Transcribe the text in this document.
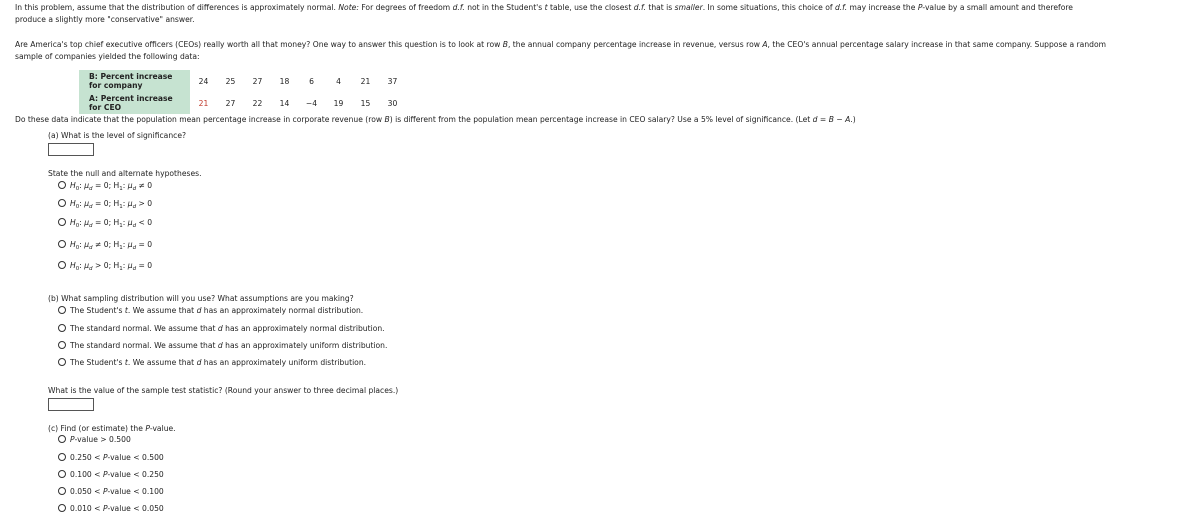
In this problem, assume that the distribution of differences is approximately normal. Note: For degrees of freedom d.f. not in the Student's t table, use the closest d.f. that is smaller. In some situations, this choice of d.f. may increase the P-value by a small amount and therefore
produce a slightly more "conservative" answer.
Are America's top chief executive officers (CEOs) really worth all that money? One way to answer this question is to look at row B, the annual company percentage increase in revenue, versus row A, the CEO's annual percentage salary increase in that same company. Suppose a random
sample of companies yielded the following data:
B: Percent increase
for company	24	25	27	18	6	4	21	37

A: Percent increase
for CEO	21	27	22	14	−4	19	15	30
Do these data indicate that the population mean percentage increase in corporate revenue (row B) is different from the population mean percentage increase in CEO salary? Use a 5% level of significance. (Let d = B − A.)
(a) What is the level of significance?
State the null and alternate hypotheses.
$H_0$: $\mu_d = 0$; $H_1$: $\mu_d \ne 0$
$H_0$: $\mu_d = 0$; $H_1$: $\mu_d > 0$
$H_0$: $\mu_d = 0$; $H_1$: $\mu_d < 0$
$H_0$: $\mu_d \ne 0$; $H_1$: $\mu_d = 0$
$H_0$: $\mu_d > 0$; $H_1$: $\mu_d = 0$
(b) What sampling distribution will you use? What assumptions are you making?
The Student's t. We assume that d has an approximately normal distribution.
The standard normal. We assume that d has an approximately normal distribution.
The standard normal. We assume that d has an approximately uniform distribution.
The Student's t. We assume that d has an approximately uniform distribution.
What is the value of the sample test statistic? (Round your answer to three decimal places.)
(c) Find (or estimate) the P-value.
P-value > 0.500
0.250 < P-value < 0.500
0.100 < P-value < 0.250
0.050 < P-value < 0.100
0.010 < P-value < 0.050
